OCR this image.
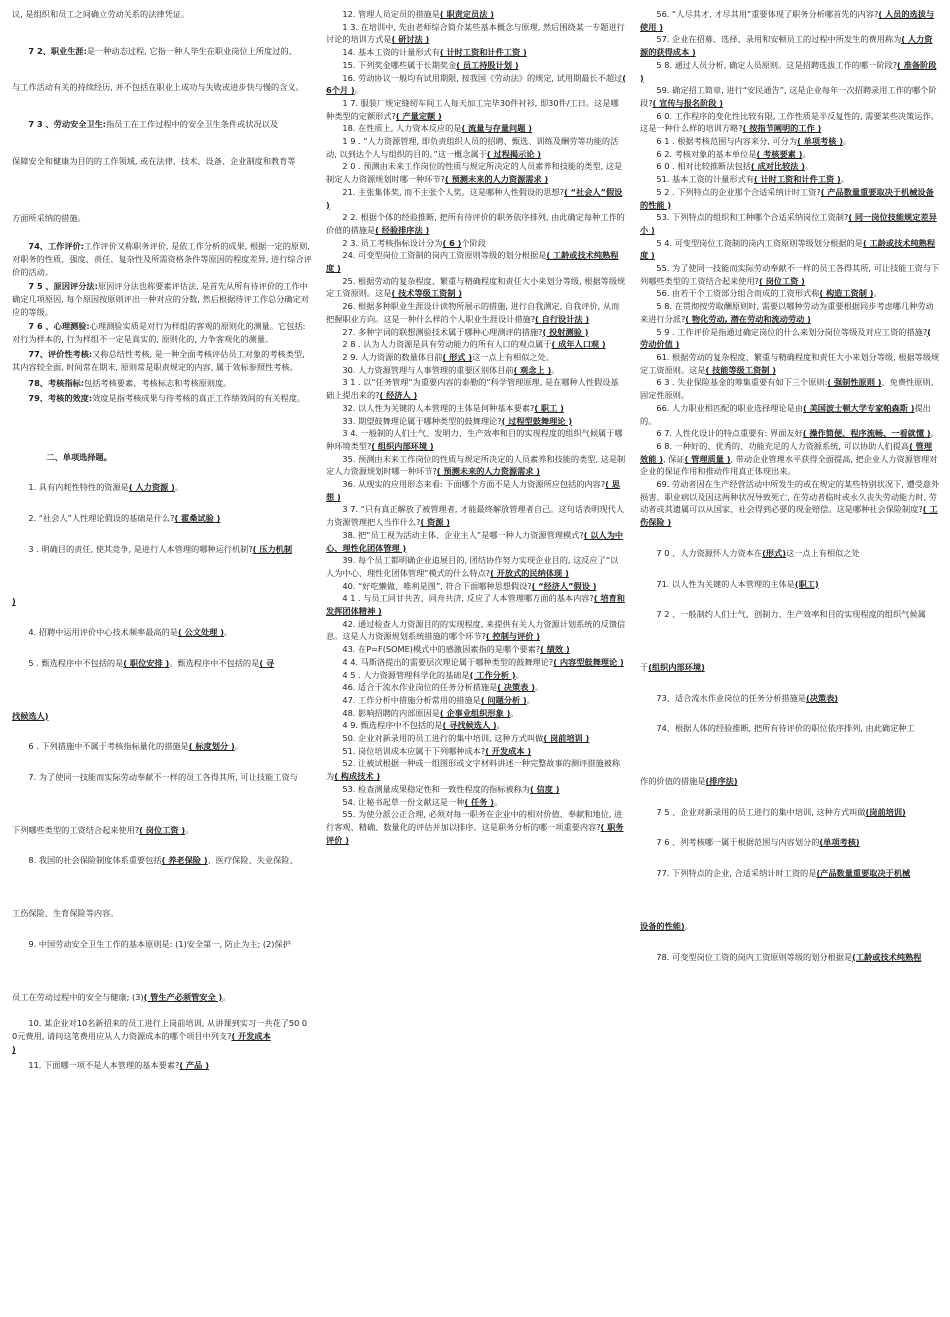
议, 是组织和员工之间确立劳动关系的法律凭证。

7 2、职业生涯:是一种动态过程, 它指一种人毕生在职业岗位上所度过的、

与工作活动有关的持续经历, 并不包括在职业上成功与失败或进步快与慢的含义。

7 3 、劳动安全卫生:指员工在工作过程中的安全卫生条件或状况以及

保障安全和健康为目的的工作领域, 或在法律、技术、设备、企业制度和教育等

方面所采纳的措施。

74、工作评价:工作评价又称职务评价, 是依工作分析的成果, 根据一定的原则, 对职务的性质、强度、责任、复杂性及所需资格条件等原因的程度差异, 进行综合评价的活动。

7 5 、原因评分法:原因评分法也称要素评估法, 是首先从所有待评价的工作中确定几项原因, 每个原因按原则评出一种对应的分数, 然后根据待评工作总分确定对应的等级。

7 6 、心理测验:心理测验实质是对行为样组的客观的原则化的测量。它包括: 对行为样本的, 行为样组不一定是真实的, 原则化的, 力争客观化的测量。

77、评价性考核:又称总结性考核, 是一种全面考核评估员工对象的考核类型, 其内容较全面, 时间常在期末, 原则常是职责规定的内容, 属于效标参照性考核。

78、考核指标:包括考核要素、考核标志和考核原则度。

79、考核的效度:效度是指考核成果与待考核的真正工作绩效间的有关程度。

二、单项选择题。

1. 具有内耗性特性的资源是( 人力资源 )。

2. “社会人”人性理论假设的基础是什么?( 霍桑试验 )

3 . 明确目的责任, 使其竞争, 是进行人本管理的哪种运行机制?( 压力机制

)

4. 招聘中运用评价中心技术频率最高的是( 公文处理 )。

5 . 甄选程序中不包括的是( 职位安排 )。甄选程序中不包括的是( 寻

找候选人)

6 . 下列措施中不属于考核指标量化的措施是( 标度划分 )。

7. 为了使同一技能而实际劳动奉献不一样的员工各得其所, 可让技能工资与

下列哪些类型的工资结合起来使用?( 岗位工资 )。

8. 我国的社会保险制度体系重要包括( 养老保险 )、医疗保险、失业保险、

工伤保险、生育保险等内容。

9. 中国劳动安全卫生工作的基本原则是: (1)安全第一, 防止为主; (2)保护

员工在劳动过程中的安全与健康; (3)( 管生产必须管安全 )。

10. 某企业对10名新招来的员工进行上岗前培训, 从讲课到实习一共花了50 0 0元费用, 请问这笔费用应从人力资源成本的哪个项目中列支?( 开发成本

)

11. 下面哪一项不是人本管理的基本要素?( 产品 )

12. 管理人员定员的措施是( 职责定员法 )

1 3. 在培训中, 先由老师综合简介某些基本概念与原理, 然后围绕某一专题进行讨论的培训方式是( 研讨法 )

14. 基本工资的计量形式有( 计时工资和计件工资 )

15. 下列奖金哪些属于长期奖金( 员工持股计划 )

16. 劳动协议一般均有试用期限, 按我国《劳动法》的规定, 试用期最长不超过( 6个月 )。

1 7. 服装厂规定缝纫车间工人每天加工完毕30件衬衫, 即30件/工日。这是哪种类型的定额形式?( 产量定额 )

18. 在性质上, 人力资本反应的是( 流量与存量问题 )

1 9 . “人力资源管理, 即负责组织人员的招聘、甄选、训练及酬劳等功能的活动, 以到达个人与组织的目的。”这一概念属于( 过程揭示论 )

2 0 . 预测由未来工作岗位的性质与规定所决定的人员素养和技能的类型, 这是制定人力资源规划时哪一种环节?( 预测未来的人力资源需求 )

21. 主张集体奖, 而不主张个人奖。这是哪种人性假设的思想?( “社会人”假设 )

2 2. 根据个体的经验推断, 把所有待评价的职务依序排列, 由此确定每种工作的价值的措施是( 经验排序法 )

2 3. 员工考核指标设计分为( 6 )个阶段

24. 可变型岗位工资制的岗内工资原则等级的划分根据是( 工龄或技术纯熟程度 )

25. 根据劳动的复杂程度、繁重与精确程度和责任大小来划分等级, 根据等级规定工资原则。这是( 技术等级工资制 )

26. 根据多种职业生涯设计读物所展示的措施, 进行自我测定, 自我评价, 从而把握职业方向。这是一种什么样的个人职业生涯设计措施?( 自行设计法 )

27. 多种字词的联想测验技术属于哪种心理测评的措施?( 投射测验 )

2 8 . 认为人力资源是具有劳动能力的所有人口的观点属于( 成年人口观 )

2 9. 人力资源的数量体目前( 形式 )这一点上有相似之处。

30. 人力资源管理与人事管理的重要区别体目前( 观念上 )。

3 1 . 以“任务管理”为重要内容的泰勒的“科学管理原理, 是在哪种人性假设基础上提出来的?( 经济人 )

32. 以人性为关键的人本管理的主体是何种基本要素?( 职工 )

33. 期望鼓舞理论属于哪种类型的鼓舞理论?( 过程型鼓舞理论 )

3 4. 一般制的人们士气、发明力、生产效率和目的实现程度的组织气候属于哪种环境类型?( 组织内部环境 )

35. 预测由未来工作岗位的性质与规定所决定的人员素养和技能的类型, 这是制定人力资源规划时哪一种环节?( 预测未来的人力资源需求 )

36. 从现实的应用形态来看: 下面哪个方面不是人力资源所应包括的内容?( 思想 )

3 7. “只有真正解放了被管理者, 才能最终解放管理者自己。这句话表明现代人力资源管理把人当作什么?( 资源 )

38. 把“员工视为活动主体、企业主人”是哪一种人力资源管理模式?( 以人为中心、理性化团体管理 )

39. 每个员工都明确企业追展目的, 团结协作努力实现企业目的, 这反应了“以人为中心、理性化团体管理”模式的什么特点?( 开放式的民纳体现 )

40. “好吃懒做、唯利是图”, 符合下面哪种思想假设?( “经济人”假设 )

4 1 . 与员工同甘共苦、同舟共济, 反应了人本管理哪方面的基本内容?( 培育和发挥团体精神 )

42. 通过检查人力资源目的的实现程度, 来提供有关人力资源计划系统的反馈信息。这是人力资源规划系统措施的哪个环节?( 控制与评价 )

43. 在P=F(SOME)模式中的感激因素指的是哪个要素?( 绩效 )

4 4. 马斯洛提出的需要层次理论属于哪种类型的鼓舞理论?( 内容型鼓舞理论 )

4 5 . 人力资源管理科学化的基础是( 工作分析 )。

46. 适合于流水作业岗位的任务分析措施是( 决策表 )。

47. 工作分析中措施分析常用的措施是( 问题分析 )。

48. 影响招聘的内部原因是( 企事业组织形象 )。

4 9. 甄选程序中不包括的是( 寻找候选人 )。

50. 企业对新录用的员工进行的集中培训, 这种方式叫做( 岗前培训 )

51. 岗位培训成本应属于下列哪种成本?( 开发成本 )

52. 让被试根据一种或一组图形或文字材料讲述一种完整故事的测评措施被称为( 构成技术 )

53. 检查测量成果稳定性和一致性程度的指标被称为( 信度 )

54. 让秘书起草一份文献这是一种( 任务 )。

55. 为使分派公正合理, 必须对每一职务在企业中的相对价值、奉献和地位, 进行客观、精确、数量化的评估并加以排序。这是职务分析的哪一项重要内容?( 职务评价 )

56. “人尽其才, 才尽其用”重要体现了职务分析哪首先的内容?( 人员的选拔与使用 )

57. 企业在招募、选择、录用和安顿员工的过程中所发生的费用称为( 人力资源的获得成本 )

5 8. 通过人员分析, 确定人员原则。这是招聘选拔工作的哪一阶段?( 准备阶段 )

59. 确定招工简章, 进行“安民通告”, 这是企业每年一次招聘录用工作的哪个阶段?( 宣传与报名阶段 )

6 0. 工作程序的变化性比较有限, 工作性质是半反复性的, 需要某些决策运作。这是一种什么样的培训方略?( 按指节阐明的工作 )

6 1 . 根据考核范围与内容来分, 可分为( 单项考核 )。

6 2. 考核对象的基本单位是( 考核要素 )。

6 0 . 相对比较推断法包括( 成对比较法 )。

51. 基本工资的计量形式有( 计时工资和计件工资 )。

5 2 . 下列特点的企业那个合适采纳计时工资?( 产品数量重要取决于机械设备的性能 )

53. 下列特点的组织和工种哪个合适采纳岗位工资制?( 同一岗位技能规定差异小 )

5 4. 可变型岗位工资制的岗内工资原则等级划分根据的是( 工龄或技术纯熟程度 )

55. 为了使同一技能而实际劳动奉献不一样的员工各得其所, 可让技能工资与下列哪些类型的工资结合起来使用?( 岗位工资 )

56. 由若干个工资部分组合而成的工资形式称( 构造工资制 )。

5 8. 在贯彻按劳取酬原则时, 需要以哪种劳动为重要根据同步考虑哪几种劳动来进行分派?( 物化劳动, 潜在劳动和流动劳动 )

5 9 . 工作评价是指通过确定岗位的什么来划分岗位等级及对应工资的措施?( 劳动价值 )

61. 根据劳动的复杂程度、繁重与精确程度和责任大小来划分等级, 根据等级规定工资原则。这是( 技能等级工资制 )

6 3 . 失业保险基金的筹集重要有如下三个原则:( 强制性原则 )、免费性原则、固定性原则。

66. 人力职业相匹配的职业选择理论是由( 美国波士顿大学专家帕森斯 )提出的。

6 7. 人性化设计的特点重要有: 界面友好( 操作简便、程序流畅、一看就懂 )。

6 8. 一种好的、优秀的、功能充足的人力资源系统, 可以协助人们提高( 管理效能 ), 保证( 管理质量 ), 带动企业管理水平获得全面提高, 把企业人力资源管理对企业的保证作用和推动作用真正体现出来。

69. 劳动者因在生产经营活动中所发生的或在规定的某些特别状况下, 遭受意外损害、职业病以及因这两种状况导致死亡, 在劳动者临时或永久丧失劳动能力时, 劳动者或其遗属可以从国家、社会得到必要的现金赔偿。这是哪种社会保险制度?( 工伤保险 )

7 0 、人力资源怀人力资本在(形式)这一点上有相似之处

71. 以人性为关键的人本管理的主体是(职工)

7 2 、一般制约人们士气、创制力、生产效率和目的实现程度的组织气候属

于(组织内部环境)

73、适合流水作业岗位的任务分析措施是(决策表)

74、根据人体的经验推断, 把所有待评价的职位依序排列, 由此确定种工

作的价值的措施是(排序法)

7 5 、企业对新录用的员工进行的集中培训, 这种方式叫做(岗前培训)

7 6 、列考核哪一属于根据范围与内容划分的(单项考核)

77. 下列特点的企业, 合适采纳计时工资的是(产品数量重要取决于机械

设备的性能)。

78. 可变型岗位工资的岗内工资原则等级的划分根据是(工龄或技术纯熟程
